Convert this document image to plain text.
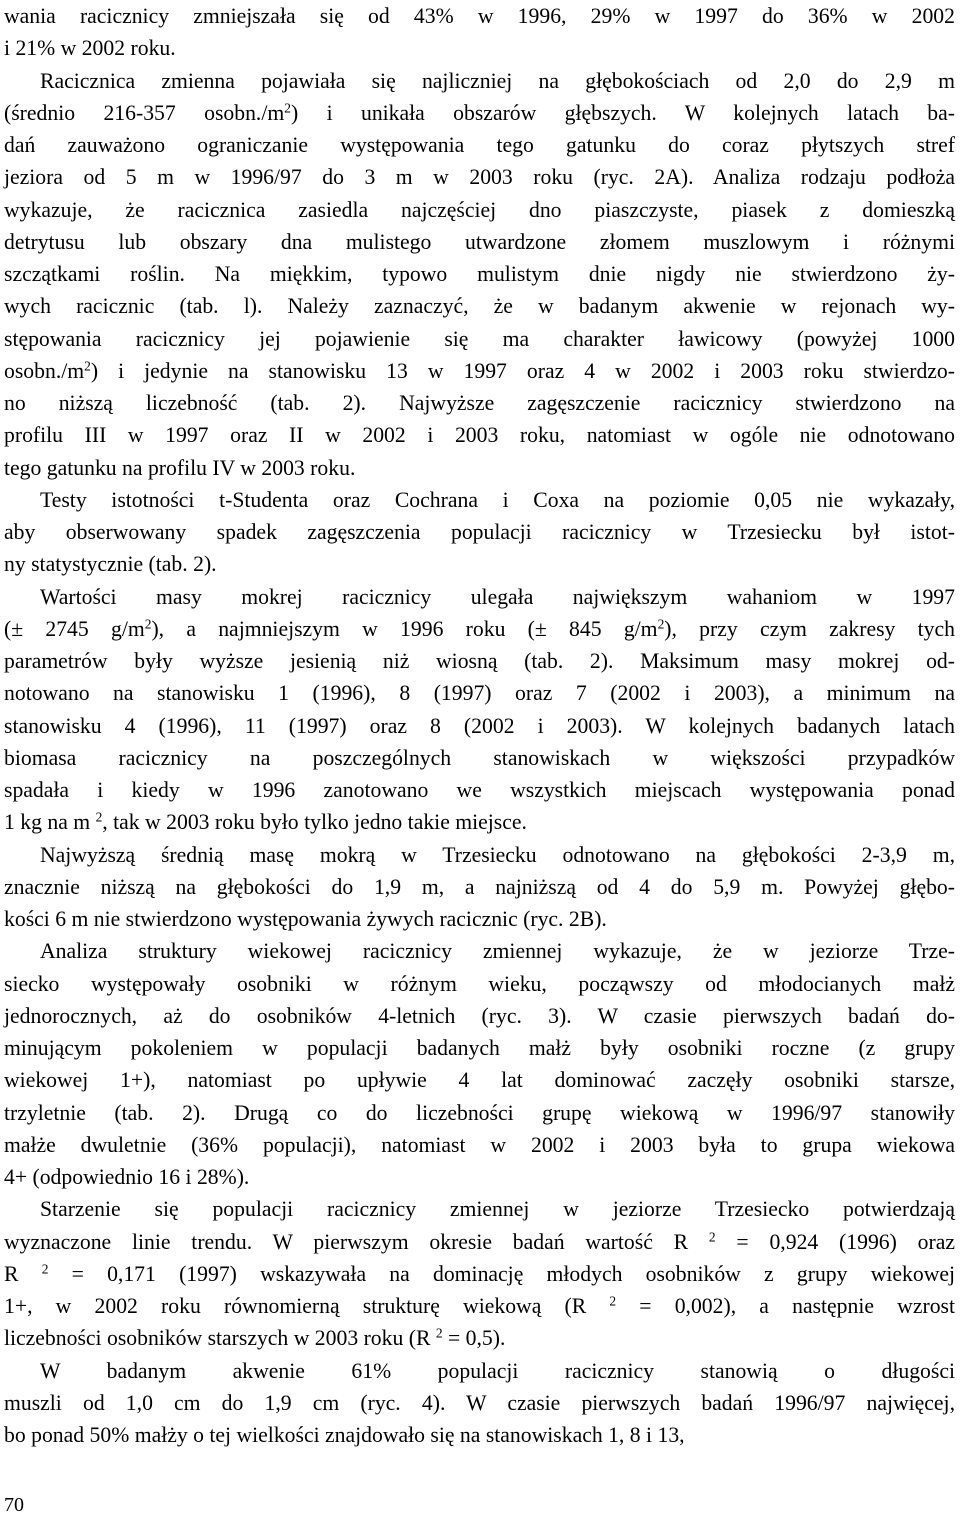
wania racicznicy zmniejszała się od 43% w 1996, 29% w 1997 do 36% w 2002
i 21% w 2002 roku.
Racicznica zmienna pojawiała się najliczniej na głębokościach od 2,0 do 2,9 m
(średnio 216-357 $osobn./m^2$) i unikała obszarów głębszych. W kolejnych latach ba-
dań zauważono ograniczanie występowania tego gatunku do coraz płytszych stref
jeziora od 5 m w 1996/97 do 3 m w 2003 roku (ryc. 2A). Analiza rodzaju podłoża
wykazuje, że racicznica zasiedla najczęściej dno piaszczyste, piasek z domieszką
detrytusu lub obszary dna mulistego utwardzone złomem muszlowym i różnymi
szczątkami roślin. Na miękkim, typowo mulistym dnie nigdy nie stwierdzono ży-
wych racicznic (tab. l). Należy zaznaczyć, że w badanym akwenie w rejonach wy-
stępowania racicznicy jej pojawienie się ma charakter ławicowy (powyżej 1000
$osobn./m^2$) i jedynie na stanowisku 13 w 1997 oraz 4 w 2002 i 2003 roku stwierdzo-
no niższą liczebność (tab. 2). Najwyższe zagęszczenie racicznicy stwierdzono na
profilu III w 1997 oraz II w 2002 i 2003 roku, natomiast w ogóle nie odnotowano
tego gatunku na profilu IV w 2003 roku.
Testy istotności t-Studenta oraz Cochrana i Coxa na poziomie 0,05 nie wykazały,
aby obserwowany spadek zagęszczenia populacji racicznicy w Trzesiecku był istot-
ny statystycznie (tab. 2).
Wartości masy mokrej racicznicy ulegała największym wahaniom w 1997
(± 2745 $g/m^2$), a najmniejszym w 1996 roku (± 845 $g/m^2$), przy czym zakresy tych
parametrów były wyższe jesienią niż wiosną (tab. 2). Maksimum masy mokrej od-
notowano na stanowisku 1 (1996), 8 (1997) oraz 7 (2002 i 2003), a minimum na
stanowisku 4 (1996), 11 (1997) oraz 8 (2002 i 2003). W kolejnych badanych latach
biomasa racicznicy na poszczególnych stanowiskach w większości przypadków
spadała i kiedy w 1996 zanotowano we wszystkich miejscach występowania ponad
1 kg na m $^2$, tak w 2003 roku było tylko jedno takie miejsce.
Najwyższą średnią masę mokrą w Trzesiecku odnotowano na głębokości 2-3,9 m,
znacznie niższą na głębokości do 1,9 m, a najniższą od 4 do 5,9 m. Powyżej głębo-
kości 6 m nie stwierdzono występowania żywych racicznic (ryc. 2B).
Analiza struktury wiekowej racicznicy zmiennej wykazuje, że w jeziorze Trze-
siecko występowały osobniki w różnym wieku, począwszy od młodocianych małż
jednorocznych, aż do osobników 4-letnich (ryc. 3). W czasie pierwszych badań do-
minującym pokoleniem w populacji badanych małż były osobniki roczne (z grupy
wiekowej 1+), natomiast po upływie 4 lat dominować zaczęły osobniki starsze,
trzyletnie (tab. 2). Drugą co do liczebności grupę wiekową w 1996/97 stanowiły
małże dwuletnie (36% populacji), natomiast w 2002 i 2003 była to grupa wiekowa
4+ (odpowiednio 16 i 28%).
Starzenie się populacji racicznicy zmiennej w jeziorze Trzesiecko potwierdzają
wyznaczone linie trendu. W pierwszym okresie badań wartość R $^2$ = 0,924 (1996) oraz
R $^2$ = 0,171 (1997) wskazywała na dominację młodych osobników z grupy wiekowej
1+, w 2002 roku równomierną strukturę wiekową (R $^2$ = 0,002), a następnie wzrost
liczebności osobników starszych w 2003 roku (R $^2$ = 0,5).
W badanym akwenie 61% populacji racicznicy stanowią o długości
muszli od 1,0 cm do 1,9 cm (ryc. 4). W czasie pierwszych badań 1996/97 najwięcej,
bo ponad 50% małży o tej wielkości znajdowało się na stanowiskach 1, 8 i 13,
70
